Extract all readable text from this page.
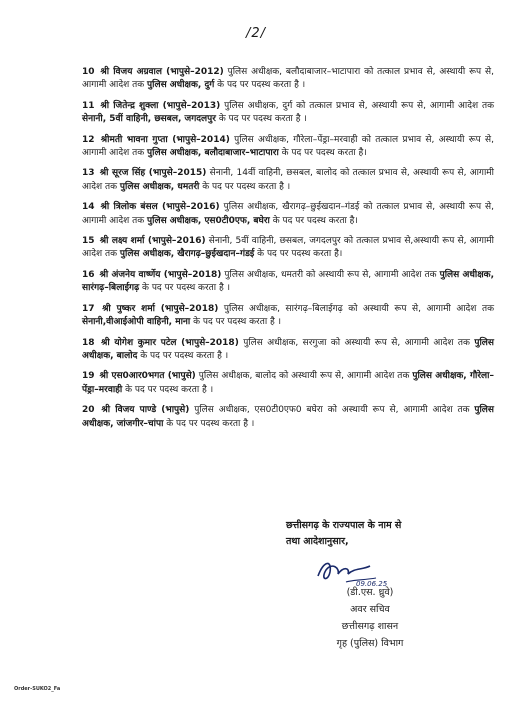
/2/
10 श्री विजय अग्रवाल (भापुसे–2012) पुलिस अधीक्षक, बलौदाबाजार–भाटापारा को तत्काल प्रभाव से, अस्थायी रूप से, आगामी आदेश तक पुलिस अधीक्षक, दुर्ग के पद पर पदस्थ करता है ।
11 श्री जितेन्द्र शुक्ला (भापुसे–2013) पुलिस अधीक्षक, दुर्ग को तत्काल प्रभाव से, अस्थायी रूप से, आगामी आदेश तक सेनानी, 5वीं वाहिनी, छसबल, जगदलपुर के पद पर पदस्थ करता है ।
12 श्रीमती भावना गुप्ता (भापुसे–2014) पुलिस अधीक्षक, गौरेला–पेंड्रा–मरवाही को तत्काल प्रभाव से, अस्थायी रूप से, आगामी आदेश तक पुलिस अधीक्षक, बलौदाबाजार–भाटापारा के पद पर पदस्थ करता है।
13 श्री सूरज सिंह (भापुसे–2015) सेनानी, 14वीं वाहिनी, छसबल, बालोद को तत्काल प्रभाव से, अस्थायी रूप से, आगामी आदेश तक पुलिस अधीक्षक, धमतरी के पद पर पदस्थ करता है ।
14 श्री त्रिलोक बंसल (भापुसे–2016) पुलिस अधीक्षक, खैरागढ़–छुईखदान–गंडई को तत्काल प्रभाव से, अस्थायी रूप से, आगामी आदेश तक पुलिस अधीक्षक, एस0टी0एफ, बघेरा के पद पर पदस्थ करता है।
15 श्री लक्ष्य शर्मा (भापुसे–2016) सेनानी, 5वीं वाहिनी, छसबल, जगदलपुर को तत्काल प्रभाव से,अस्थायी रूप से, आगामी आदेश तक पुलिस अधीक्षक, खैरागढ़–छुईखदान–गंडई के पद पर पदस्थ करता है।
16 श्री अंजनेय वार्ष्णेय (भापुसे–2018) पुलिस अधीक्षक, धमतरी को अस्थायी रूप से, आगामी आदेश तक पुलिस अधीक्षक, सारंगढ़–बिलाईगढ़ के पद पर पदस्थ करता है ।
17 श्री पुष्कर शर्मा (भापुसे–2018) पुलिस अधीक्षक, सारंगढ़–बिलाईगढ़ को अस्थायी रूप से, आगामी आदेश तक सेनानी,वीआईओपी वाहिनी, माना के पद पर पदस्थ करता है ।
18 श्री योगेश कुमार पटेल (भापुसे–2018) पुलिस अधीक्षक, सरगुजा को अस्थायी रूप से, आगामी आदेश तक पुलिस अधीक्षक, बालोद के पद पर पदस्थ करता है ।
19 श्री एस0आर0भगत (भापुसे) पुलिस अधीक्षक, बालोद को अस्थायी रूप से, आगामी आदेश तक पुलिस अधीक्षक, गौरेला–पेंड्रा–मरवाही के पद पर पदस्थ करता है ।
20 श्री विजय पाण्डे (भापुसे) पुलिस अधीक्षक, एस0टी0एफ0 बघेरा को अस्थायी रूप से, आगामी आदेश तक पुलिस अधीक्षक, जांजगीर–चांपा के पद पर पदस्थ करता है ।
छत्तीसगढ़ के राज्यपाल के नाम से
तथा आदेशानुसार,
09.06.25
(डी.एस. ध्रुवे)
अवर सचिव
छत्तीसगढ़ शासन
गृह (पुलिस) विभाग
Order-SUKO2_Fa
